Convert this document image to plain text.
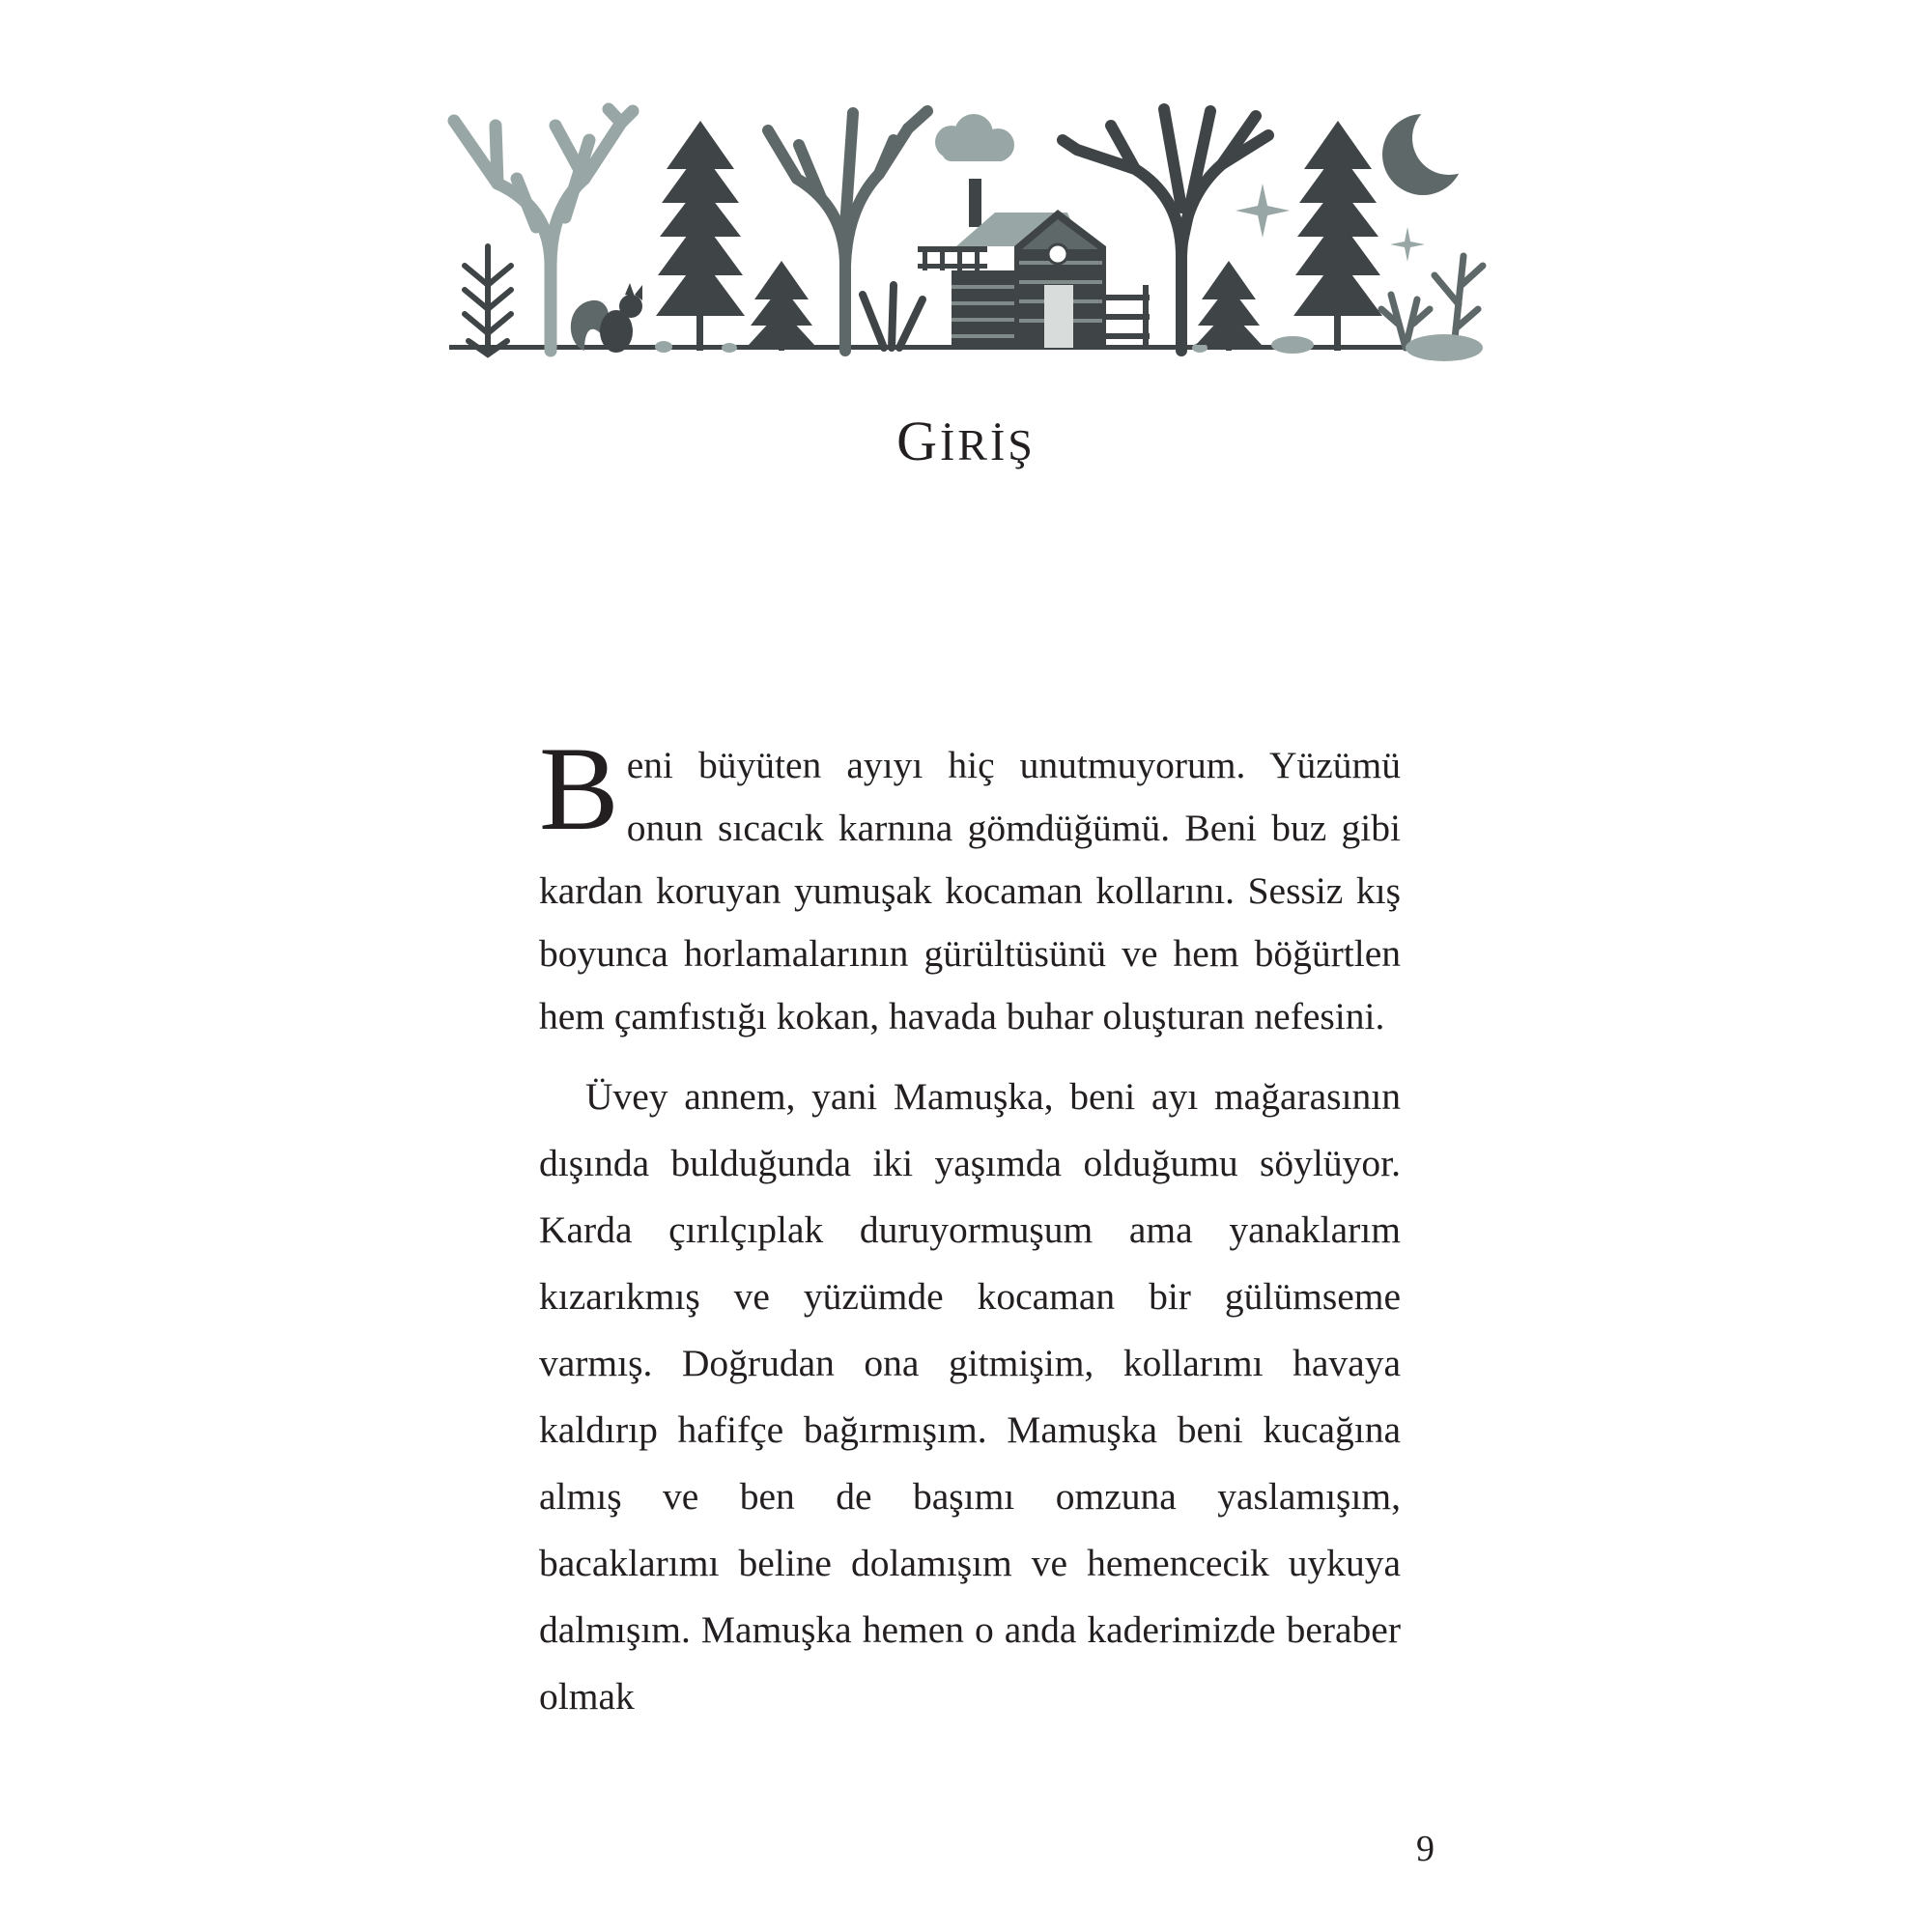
GİRİŞ

Beni büyüten ayıyı hiç unutmuyorum. Yüzümü onun sıcacık karnına gömdüğümü. Beni buz gibi kardan koruyan yumuşak kocaman kollarını. Sessiz kış boyunca horlamalarının gürültüsünü ve hem böğürtlen hem çamfıstığı kokan, havada buhar oluşturan nefesini.

Üvey annem, yani Mamuşka, beni ayı mağarasının dışında bulduğunda iki yaşımda olduğumu söylüyor. Karda çırılçıplak duruyormuşum ama yanaklarım kızarıkmış ve yüzümde kocaman bir gülümseme varmış. Doğrudan ona gitmişim, kollarımı havaya kaldırıp hafifçe bağırmışım. Mamuşka beni kucağına almış ve ben de başımı omzuna yaslamışım, bacaklarımı beline dolamışım ve hemencecik uykuya dalmışım. Mamuşka hemen o anda kaderimizde beraber olmak

9
